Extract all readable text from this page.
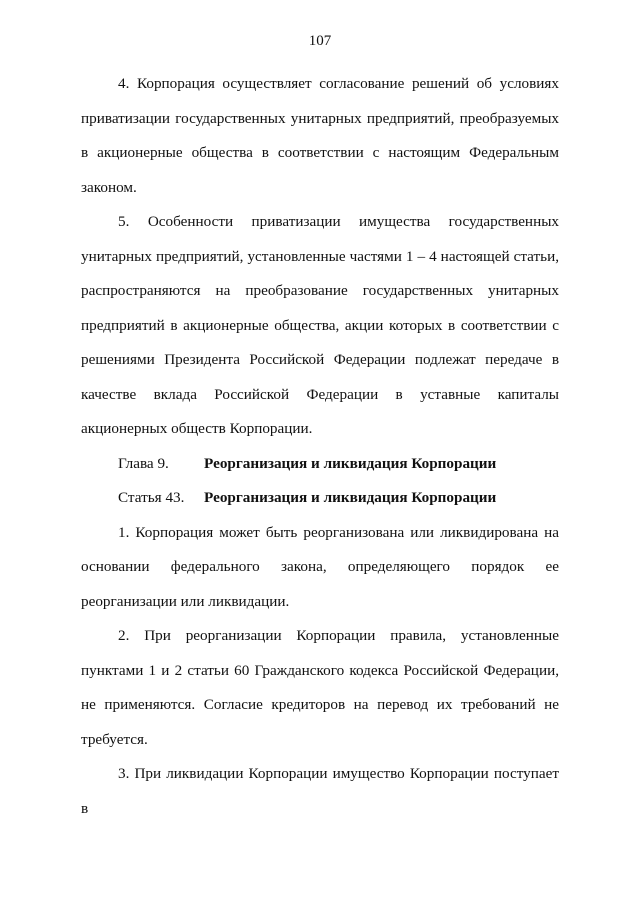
107

4. Корпорация осуществляет согласование решений об условиях приватизации государственных унитарных предприятий, преобразуемых в акционерные общества в соответствии с настоящим Федеральным законом.

5. Особенности приватизации имущества государственных унитарных предприятий, установленные частями 1 – 4 настоящей статьи, распространяются на преобразование государственных унитарных предприятий в акционерные общества, акции которых в соответствии с решениями Президента Российской Федерации подлежат передаче в качестве вклада Российской Федерации в уставные капиталы акционерных обществ Корпорации.

Глава 9. Реорганизация и ликвидация Корпорации

Статья 43. Реорганизация и ликвидация Корпорации

1. Корпорация может быть реорганизована или ликвидирована на основании федерального закона, определяющего порядок ее реорганизации или ликвидации.

2. При реорганизации Корпорации правила, установленные пунктами 1 и 2 статьи 60 Гражданского кодекса Российской Федерации, не применяются. Согласие кредиторов на перевод их требований не требуется.

3. При ликвидации Корпорации имущество Корпорации поступает в
